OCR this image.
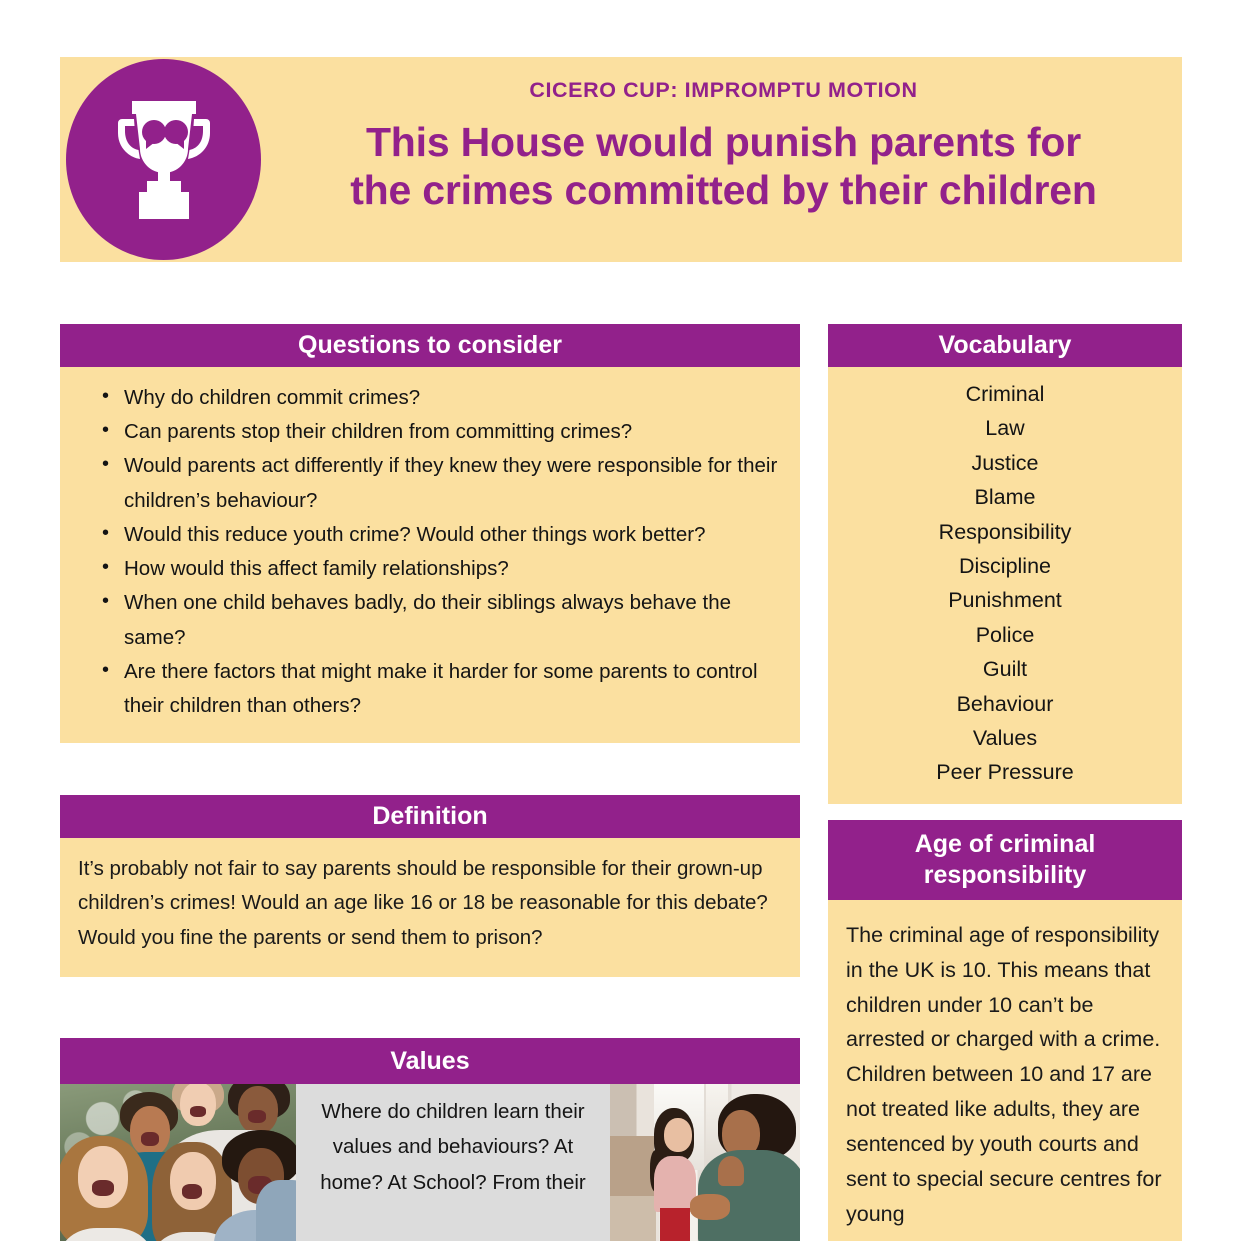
CICERO CUP: IMPROMPTU MOTION
This House would punish parents for
the crimes committed by their children
Questions to consider
• Why do children commit crimes?
• Can parents stop their children from committing crimes?
• Would parents act differently if they knew they were responsible for their children’s behaviour?
• Would this reduce youth crime? Would other things work better?
• How would this affect family relationships?
• When one child behaves badly, do their siblings always behave the same?
• Are there factors that might make it harder for some parents to control their children than others?
Definition
It’s probably not fair to say parents should be responsible for their grown-up children’s crimes! Would an age like 16 or 18 be reasonable for this debate? Would you fine the parents or send them to prison?
Values
Where do children learn their values and behaviours? At home? At School? From their
Vocabulary
Criminal
Law
Justice
Blame
Responsibility
Discipline
Punishment
Police
Guilt
Behaviour
Values
Peer Pressure
Age of criminal
responsibility
The criminal age of responsibility in the UK is 10. This means that children under 10 can’t be arrested or charged with a crime. Children between 10 and 17 are not treated like adults, they are sentenced by youth courts and sent to special secure centres for young
